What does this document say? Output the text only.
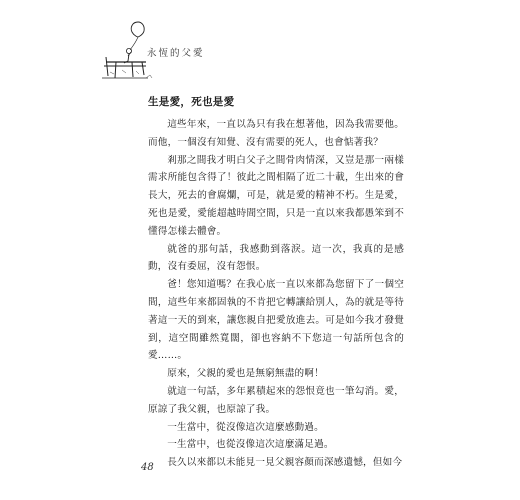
永恆的父愛
生是愛，死也是愛

這些年來，一直以為只有我在想著他，因為我需要他。而他，一個沒有知覺、沒有需要的死人，也會惦著我？

剎那之間我才明白父子之間骨肉情深，又豈是那一兩樣需求所能包含得了！彼此之間相隔了近二十載，生出來的會長大，死去的會腐爛，可是，就是愛的精神不朽。生是愛，死也是愛，愛能超越時間空間，只是一直以來我都愚笨到不懂得怎樣去體會。

就爸的那句話，我感動到落淚。這一次，我真的是感動，沒有委屈，沒有怨恨。

爸！您知道嗎？在我心底一直以來都為您留下了一個空間，這些年來都固執的不肯把它轉讓給別人，為的就是等待著這一天的到來，讓您親自把愛放進去。可是如今我才發覺到，這空間雖然寬闊，卻也容納不下您這一句話所包含的愛……。

原來，父親的愛也是無窮無盡的啊！

就這一句話，多年累積起來的怨恨竟也一筆勾消。愛，原諒了我父親，也原諒了我。

一生當中，從沒像這次這麼感動過。

一生當中，也從沒像這次這麼滿足過。

長久以來都以未能見一見父親容顏而深感遺憾，但如今

48
